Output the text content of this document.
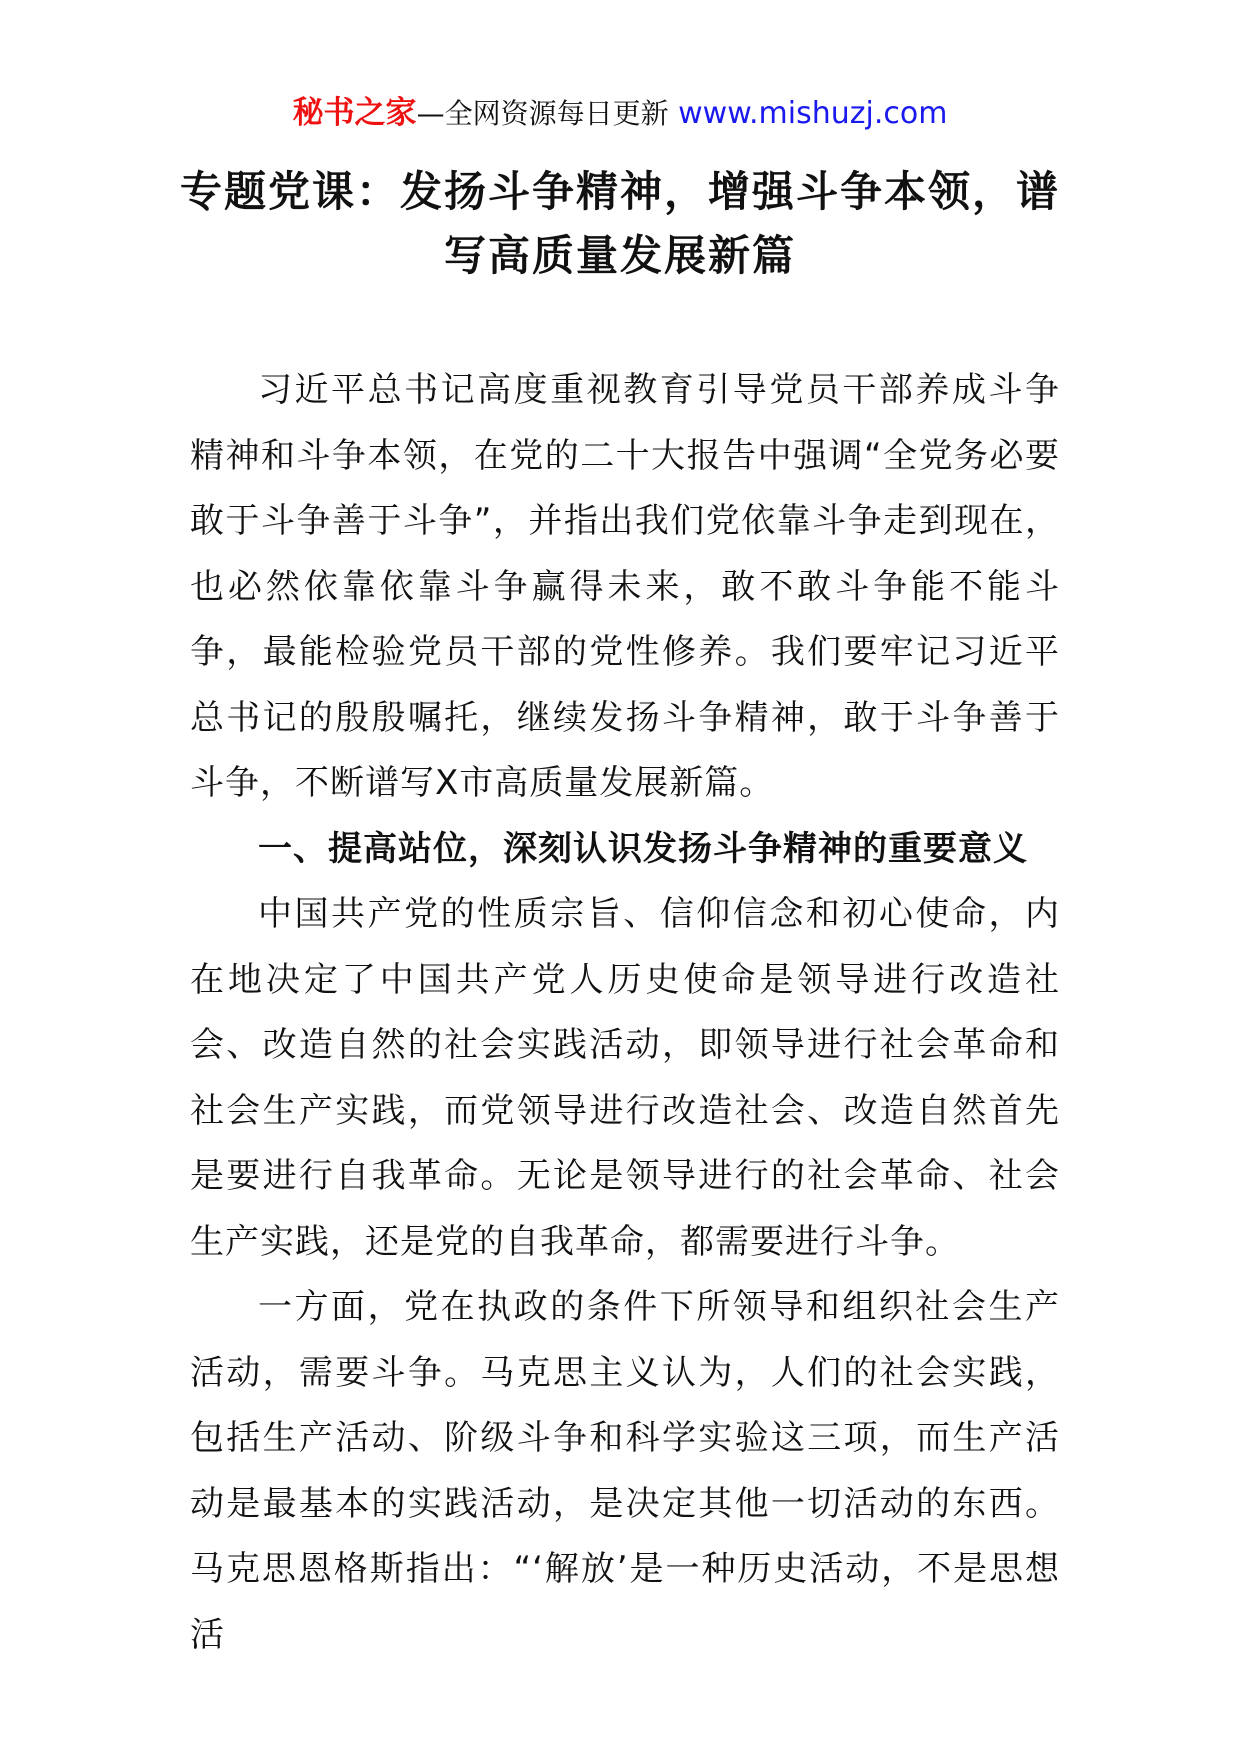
秘书之家—全网资源每日更新 www.mishuzj.com
专题党课：发扬斗争精神，增强斗争本领，谱
写高质量发展新篇

习近平总书记高度重视教育引导党员干部养成斗争精神和斗争本领，在党的二十大报告中强调“全党务必要敢于斗争善于斗争”，并指出我们党依靠斗争走到现在，也必然依靠依靠斗争赢得未来，敢不敢斗争能不能斗争，最能检验党员干部的党性修养。我们要牢记习近平总书记的殷殷嘱托，继续发扬斗争精神，敢于斗争善于斗争，不断谱写X市高质量发展新篇。

一、提高站位，深刻认识发扬斗争精神的重要意义

中国共产党的性质宗旨、信仰信念和初心使命，内在地决定了中国共产党人历史使命是领导进行改造社会、改造自然的社会实践活动，即领导进行社会革命和社会生产实践，而党领导进行改造社会、改造自然首先是要进行自我革命。无论是领导进行的社会革命、社会生产实践，还是党的自我革命，都需要进行斗争。

一方面，党在执政的条件下所领导和组织社会生产活动，需要斗争。马克思主义认为，人们的社会实践，包括生产活动、阶级斗争和科学实验这三项，而生产活动是最基本的实践活动，是决定其他一切活动的东西。马克思恩格斯指出：“‘解放’是一种历史活动，不是思想活
